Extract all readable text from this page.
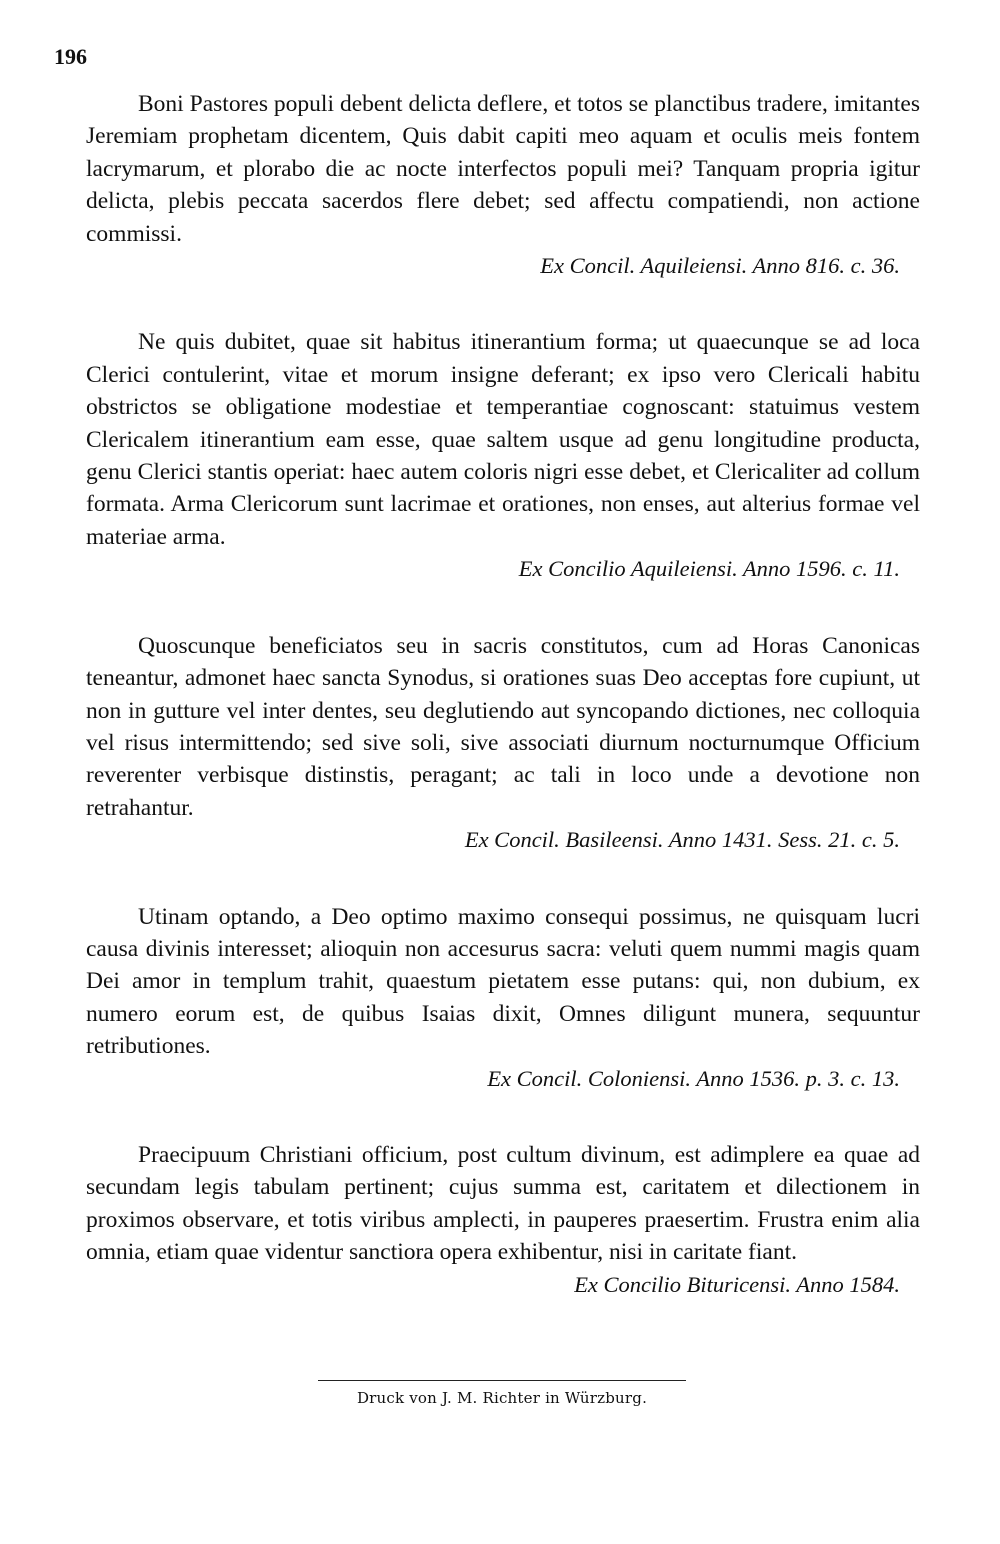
196

Boni Pastores populi debent delicta deflere, et totos se planctibus tradere, imitantes Jeremiam prophetam dicentem, Quis dabit capiti meo aquam et oculis meis fontem lacrymarum, et plorabo die ac nocte interfectos populi mei? Tanquam propria igitur delicta, plebis peccata sacerdos flere debet; sed affectu compatiendi, non actione commissi.

Ex Concil. Aquileiensi. Anno 816. c. 36.

Ne quis dubitet, quae sit habitus itinerantium forma; ut quaecunque se ad loca Clerici contulerint, vitae et morum insigne deferant; ex ipso vero Clericali habitu obstrictos se obligatione modestiae et temperantiae cognoscant: statuimus vestem Clericalem itinerantium eam esse, quae saltem usque ad genu longitudine producta, genu Clerici stantis operiat: haec autem coloris nigri esse debet, et Clericaliter ad collum formata. Arma Clericorum sunt lacrimae et orationes, non enses, aut alterius formae vel materiae arma.

Ex Concilio Aquileiensi. Anno 1596. c. 11.

Quoscunque beneficiatos seu in sacris constitutos, cum ad Horas Canonicas teneantur, admonet haec sancta Synodus, si orationes suas Deo acceptas fore cupiunt, ut non in gutture vel inter dentes, seu deglutiendo aut syncopando dictiones, nec colloquia vel risus intermittendo; sed sive soli, sive associati diurnum nocturnumque Officium reverenter verbisque distinstis, peragant; ac tali in loco unde a devotione non retrahantur.

Ex Concil. Basileensi. Anno 1431. Sess. 21. c. 5.

Utinam optando, a Deo optimo maximo consequi possimus, ne quisquam lucri causa divinis interesset; alioquin non accesurus sacra: veluti quem nummi magis quam Dei amor in templum trahit, quaestum pietatem esse putans: qui, non dubium, ex numero eorum est, de quibus Isaias dixit, Omnes diligunt munera, sequuntur retributiones.

Ex Concil. Coloniensi. Anno 1536. p. 3. c. 13.

Praecipuum Christiani officium, post cultum divinum, est adimplere ea quae ad secundam legis tabulam pertinent; cujus summa est, caritatem et dilectionem in proximos observare, et totis viribus amplecti, in pauperes praesertim. Frustra enim alia omnia, etiam quae videntur sanctiora opera exhibentur, nisi in caritate fiant.

Ex Concilio Bituricensi. Anno 1584.

Druck von J. M. Richter in Würzburg.
